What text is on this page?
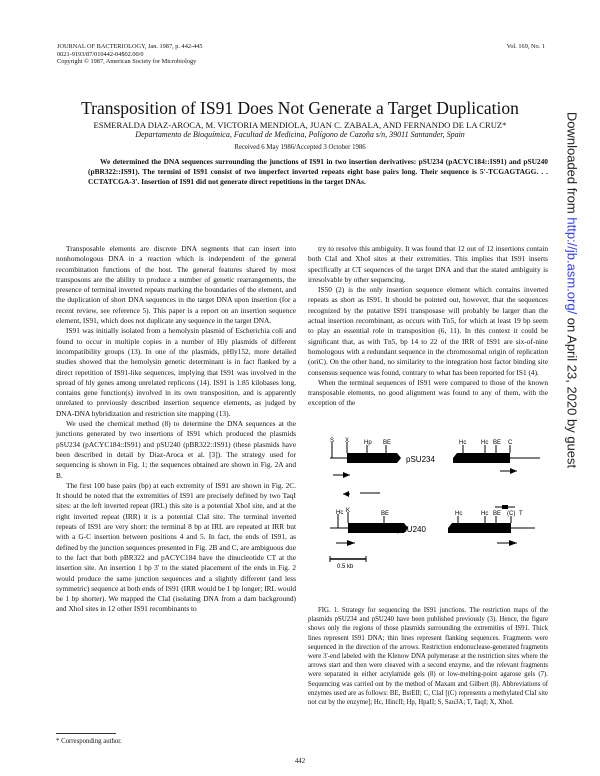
JOURNAL OF BACTERIOLOGY, Jan. 1987, p. 442-445
0021-9193/87/010442-04$02.00/0
Copyright © 1987, American Society for Microbiology
Vol. 169, No. 1
Transposition of IS91 Does Not Generate a Target Duplication
ESMERALDA DIAZ-AROCA, M. VICTORIA MENDIOLA, JUAN C. ZABALA, AND FERNANDO DE LA CRUZ*
Departamento de Bioquímica, Facultad de Medicina, Polígono de Cazoña s/n, 39011 Santander, Spain
Received 6 May 1986/Accepted 3 October 1986
We determined the DNA sequences surrounding the junctions of IS91 in two insertion derivatives: pSU234 (pACYC184::IS91) and pSU240 (pBR322::IS91). The termini of IS91 consist of two imperfect inverted repeats eight base pairs long. Their sequence is 5'-TCGAGTAGG. . . CCTATCGA-3'. Insertion of IS91 did not generate direct repetitions in the target DNAs.

Transposable elements are discrete DNA segments that can insert into nonhomologous DNA in a reaction which is independent of the general recombination functions of the host. The general features shared by most transposons are the ability to produce a number of genetic rearrangements, the presence of terminal inverted repeats marking the boundaries of the element, and the duplication of short DNA sequences in the target DNA upon insertion (for a recent review, see reference 5). This paper is a report on an insertion sequence element, IS91, which does not duplicate any sequence in the target DNA.

IS91 was initially isolated from a hemolysin plasmid of Escherichia coli and found to occur in multiple copies in a number of Hly plasmids of different incompatibility groups (13). In one of the plasmids, pHly152, more detailed studies showed that the hemolysin genetic determinant is in fact flanked by a direct repetition of IS91-like sequences, implying that IS91 was involved in the spread of hly genes among unrelated replicons (14). IS91 is 1.85 kilobases long, contains gene function(s) involved in its own transposition, and is apparently unrelated to previously described insertion sequence elements, as judged by DNA-DNA hybridization and restriction site mapping (13).

We used the chemical method (8) to determine the DNA sequences at the junctions generated by two insertions of IS91 which produced the plasmids pSU234 (pACYC184::IS91) and pSU240 (pBR322::IS91) (these plasmids have been described in detail by Diaz-Aroca et al. [3]). The strategy used for sequencing is shown in Fig. 1; the sequences obtained are shown in Fig. 2A and B.

The first 100 base pairs (bp) at each extremity of IS91 are shown in Fig. 2C. It should be noted that the extremities of IS91 are precisely defined by two TaqI sites: at the left inverted repeat (IRL) this site is a potential XhoI site, and at the right inverted repeat (IRR) it is a potential ClaI site. The terminal inverted repeats of IS91 are very short: the terminal 8 bp at IRL are repeated at IRR but with a G-C insertion between positions 4 and 5. In fact, the ends of IS91, as defined by the junction sequences presented in Fig. 2B and C, are ambiguous due to the fact that both pBR322 and pACYC184 have the dinucleotide CT at the insertion site. An insertion 1 bp 3' to the stated placement of the ends in Fig. 2 would produce the same junction sequences and a slightly different (and less symmetric) sequence at both ends of IS91 (IRR would be 1 bp longer; IRL would be 1 bp shorter). We mapped the ClaI (isolating DNA from a dam background) and XhoI sites in 12 other IS91 recombinants to

try to resolve this ambiguity. It was found that 12 out of 12 insertions contain both ClaI and XhoI sites at their extremities. This implies that IS91 inserts specifically at CT sequences of the target DNA and that the stated ambiguity is irresolvable by other sequencing.

IS50 (2) is the only insertion sequence element which contains inverted repeats as short as IS91. It should be pointed out, however, that the sequences recognized by the putative IS91 transposase will probably be larger than the actual insertion recombinant, as occurs with Tn5, for which at least 19 bp seem to play an essential role in transposition (6, 11). In this context it could be significant that, as with Tn5, bp 14 to 22 of the IRR of IS91 are six-of-nine homologous with a redundant sequence in the chromosomal origin of replication (oriC). On the other hand, no similarity to the integration host factor binding site consensus sequence was found, contrary to what has been reported for IS1 (4).

When the terminal sequences of IS91 were compared to those of the known transposable elements, no good alignment was found to any of them, with the exception of the

S X Hp BE
pSU234
Hc Hc BE C
Hc K	BE
pSU240
Hc	Hc BE (C) T
0.5 kb
FIG. 1. Strategy for sequencing the IS91 junctions. The restriction maps of the plasmids pSU234 and pSU240 have been published previously (3). Hence, the figure shows only the regions of those plasmids surrounding the extremities of IS91. Thick lines represent IS91 DNA; thin lines represent flanking sequences. Fragments were sequenced in the direction of the arrows. Restriction endonuclease-generated fragments were 3'-end labeled with the Klenow DNA polymerase at the restriction sites where the arrows start and then were cleaved with a second enzyme, and the relevant fragments were separated in either acrylamide gels (8) or low-melting-point agarose gels (7). Sequencing was carried out by the method of Maxam and Gilbert (8). Abbreviations of enzymes used are as follows: BE, BstEII; C, ClaI [(C) represents a methylated ClaI site not cut by the enzyme]; Hc, HincII; Hp, HpaII; S, Sau3A; T, TaqI; X, XhoI.
* Corresponding author.
442
Downloaded from http://jb.asm.org/ on April 23, 2020 by guest
